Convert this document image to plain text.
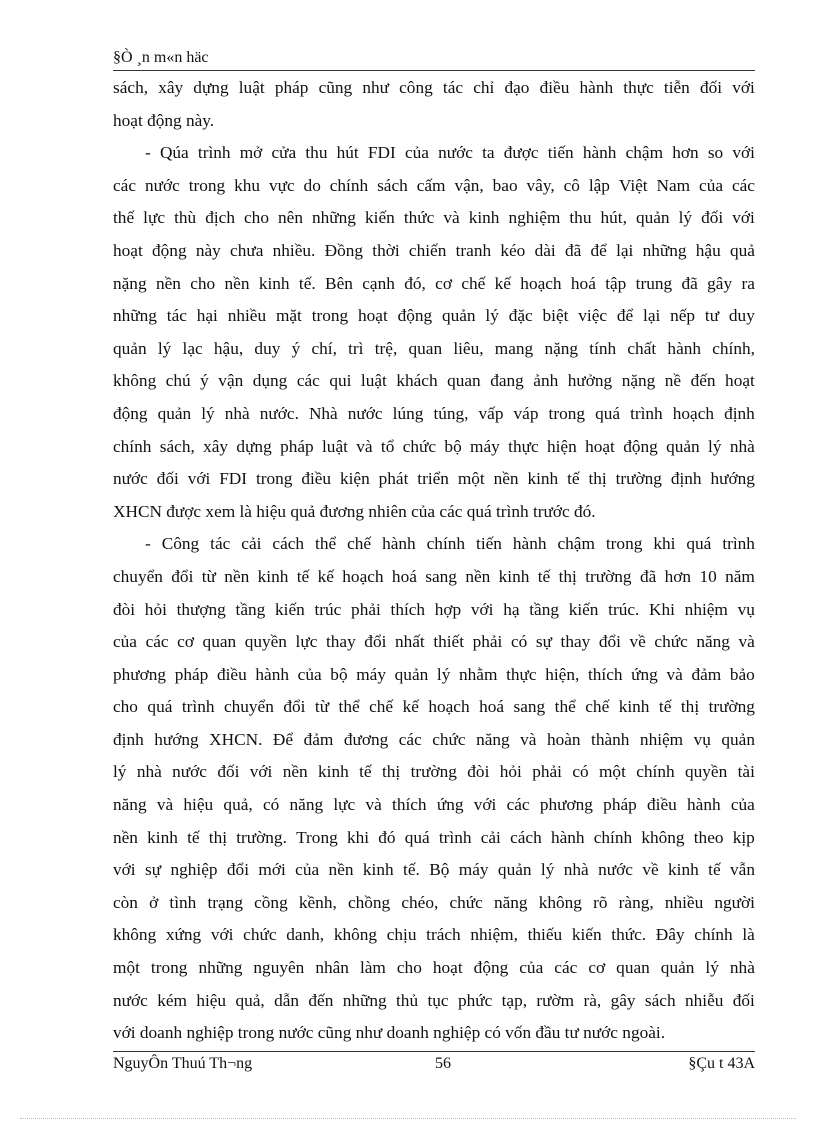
§Ò ¸n m«n häc
sách, xây dựng luật pháp cũng như công tác chỉ đạo điều hành thực tiễn đối với
hoạt động này.
- Qúa trình mở cửa thu hút FDI của nước ta được tiến hành chậm hơn so với
các nước trong khu vực do chính sách cấm vận, bao vây, cô lập Việt Nam của các
thế lực thù địch cho nên những kiến thức và kinh nghiệm thu hút, quản lý đối với
hoạt động này chưa nhiều. Đồng thời chiến tranh kéo dài đã để lại những hậu quả
nặng nền cho nền kinh tế. Bên cạnh đó, cơ chế kế hoạch hoá tập trung đã gây ra
những tác hại nhiều mặt trong hoạt động quản lý đặc biệt việc để lại nếp tư duy
quản lý lạc hậu, duy ý chí, trì trệ, quan liêu, mang nặng tính chất hành chính,
không chú ý vận dụng các qui luật khách quan đang ảnh hưởng nặng nề đến hoạt
động quản lý nhà nước. Nhà nước lúng túng, vấp váp trong quá trình hoạch định
chính sách, xây dựng pháp luật và tổ chức bộ máy thực hiện hoạt động quản lý nhà
nước đối với FDI trong điều kiện phát triển một nền kinh tế thị trường định hướng
XHCN được xem là hiệu quả đương nhiên của các quá trình trước đó.
- Công tác cải cách thể chế hành chính tiến hành chậm trong khi quá trình
chuyển đổi từ nền kinh tế kế hoạch hoá sang nền kinh tế thị trường đã hơn 10 năm
đòi hỏi thượng tầng kiến trúc phải thích hợp với hạ tầng kiến trúc. Khi nhiệm vụ
của các cơ quan quyền lực thay đổi nhất thiết phải có sự thay đổi về chức năng và
phương pháp điều hành của bộ máy quản lý nhằm thực hiện, thích ứng và đảm bảo
cho quá trình chuyển đổi từ thể chế kế hoạch hoá sang thể chế kinh tế thị trường
định hướng XHCN. Để đảm đương các chức năng và hoàn thành nhiệm vụ quản
lý nhà nước đối với nền kinh tế thị trường đòi hỏi phải có một chính quyền tài
năng và hiệu quả, có năng lực và thích ứng với các phương pháp điều hành của
nền kinh tế thị trường. Trong khi đó quá trình cải cách hành chính không theo kịp
với sự nghiệp đổi mới của nền kinh tế. Bộ máy quản lý nhà nước về kinh tế vẫn
còn ở tình trạng cồng kềnh, chồng chéo, chức năng không rõ ràng, nhiều người
không xứng với chức danh, không chịu trách nhiệm, thiếu kiến thức. Đây chính là
một trong những nguyên nhân làm cho hoạt động của các cơ quan quản lý nhà
nước kém hiệu quả, dẫn đến những thủ tục phức tạp, rườm rà, gây sách nhiễu đối
với doanh nghiệp trong nước cũng như doanh nghiệp có vốn đầu tư nước ngoài.
NguyÔn Thuú Th¬ng	56	§Çu t 43A
